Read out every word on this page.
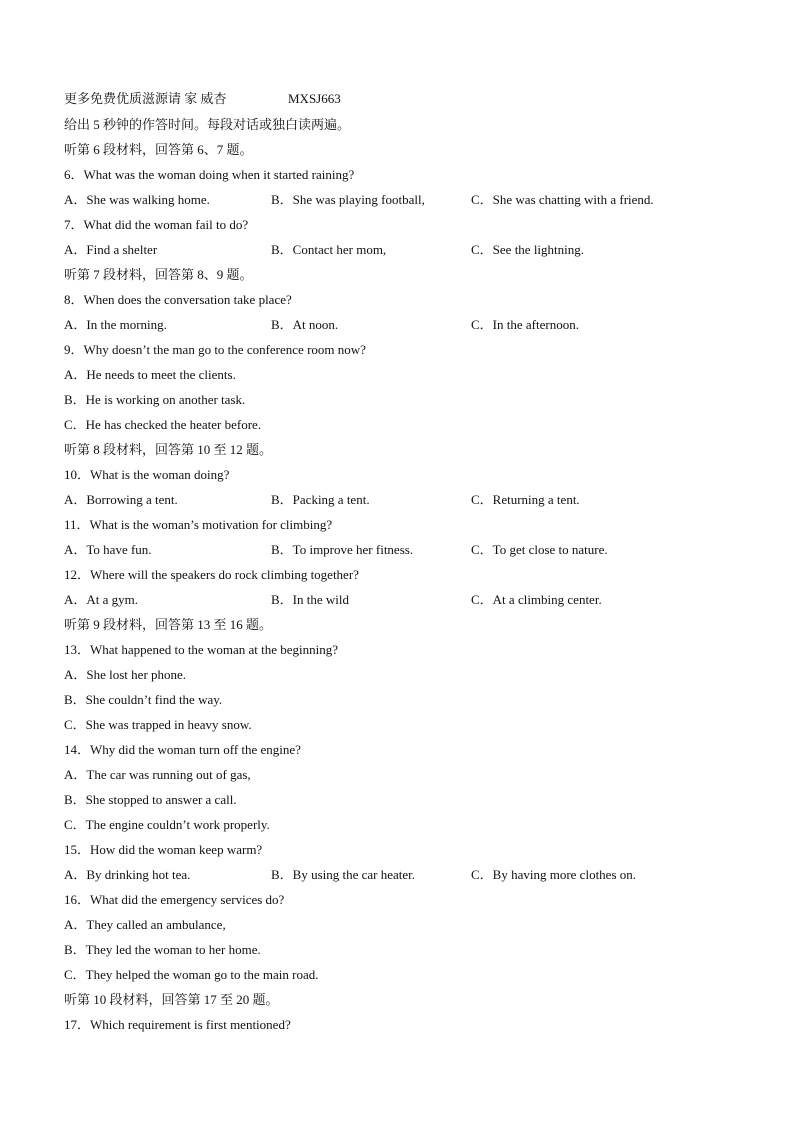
更多免费优质滋源请 家 威杏	MXSJ663
给出 5 秒钟的作答时间。每段对话或独白读两遍。
听第 6 段材料，回答第 6、7 题。
6．What was the woman doing when it started raining?
A．She was walking home.	B．She was playing football,	C．She was chatting with a friend.
7．What did the woman fail to do?
A．Find a shelter	B．Contact her mom,	C．See the lightning.
听第 7 段材料，回答第 8、9 题。
8．When does the conversation take place?
A．In the morning.	B．At noon.	C．In the afternoon.
9．Why doesn’t the man go to the conference room now?
A．He needs to meet the clients.
B．He is working on another task.
C．He has checked the heater before.
听第 8 段材料，回答第 10 至 12 题。
10．What is the woman doing?
A．Borrowing a tent.	B．Packing a tent.	C．Returning a tent.
11．What is the woman’s motivation for climbing?
A．To have fun.	B．To improve her fitness.	C．To get close to nature.
12．Where will the speakers do rock climbing together?
A．At a gym.	B．In the wild	C．At a climbing center.
听第 9 段材料，回答第 13 至 16 题。
13．What happened to the woman at the beginning?
A．She lost her phone.
B．She couldn’t find the way.
C．She was trapped in heavy snow.
14．Why did the woman turn off the engine?
A．The car was running out of gas,
B．She stopped to answer a call.
C．The engine couldn’t work properly.
15．How did the woman keep warm?
A．By drinking hot tea.	B．By using the car heater.	C．By having more clothes on.
16．What did the emergency services do?
A．They called an ambulance,
B．They led the woman to her home.
C．They helped the woman go to the main road.
听第 10 段材料，回答第 17 至 20 题。
17．Which requirement is first mentioned?
